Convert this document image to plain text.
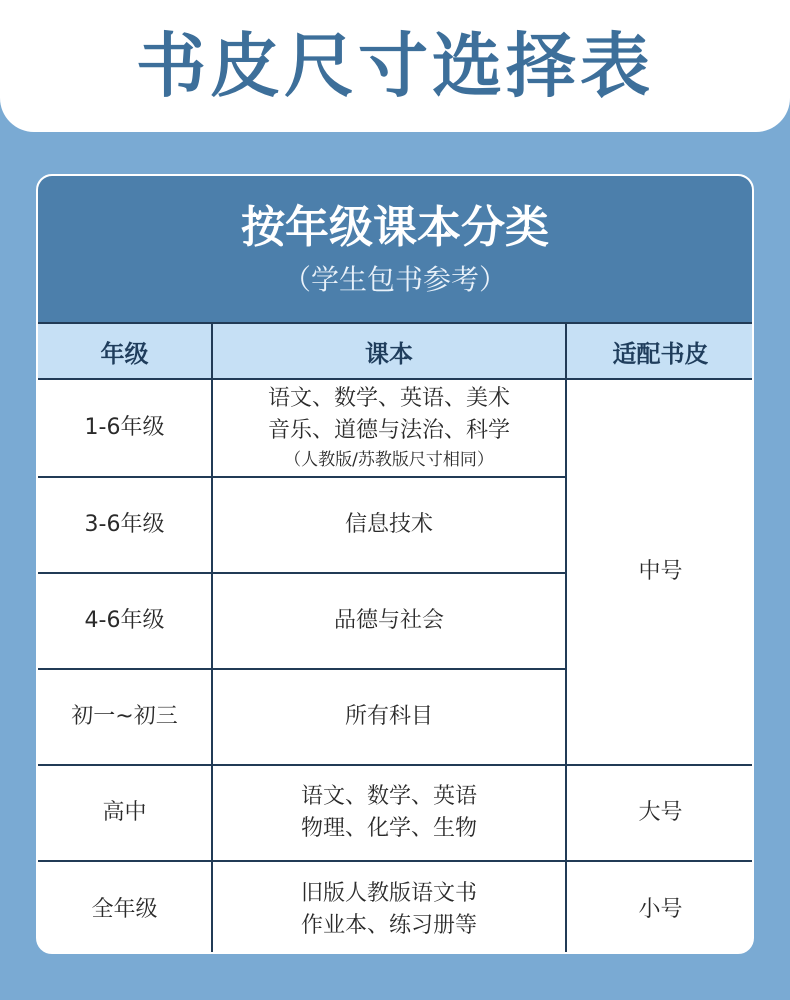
书皮尺寸选择表
按年级课本分类
（学生包书参考）
年级	课本	适配书皮
1-6年级	语文、数学、英语、美术
音乐、道德与法治、科学
（人教版/苏教版尺寸相同）	中号
3-6年级	信息技术	

4-6年级	品德与社会	

初一~初三	所有科目	

高中	语文、数学、英语
物理、化学、生物	大号
全年级	旧版人教版语文书
作业本、练习册等	小号
